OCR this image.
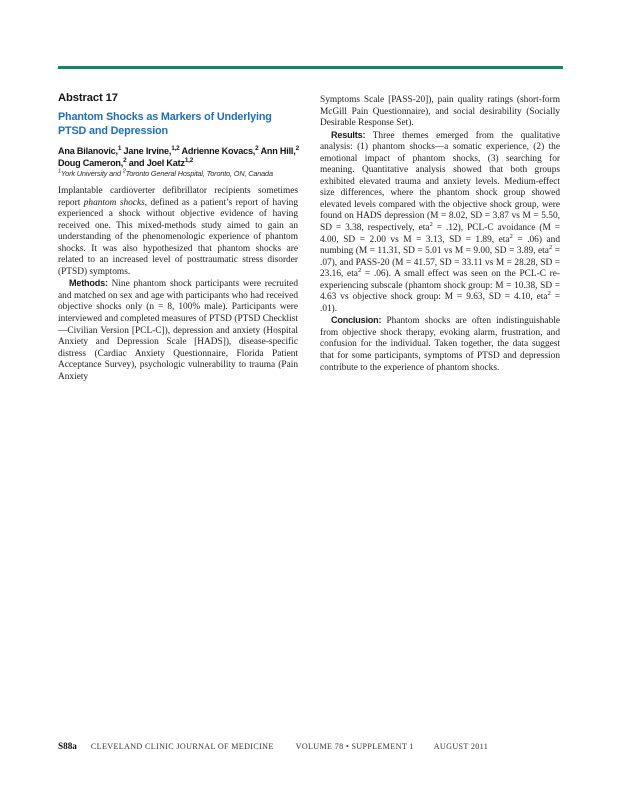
Abstract 17
Phantom Shocks as Markers of Underlying
PTSD and Depression
Ana Bilanovic,$^1$ Jane Irvine,$^{1,2}$ Adrienne Kovacs,$^2$ Ann Hill,$^2$
Doug Cameron,$^2$ and Joel Katz$^{1,2}$
$^1$York University and $^2$Toronto General Hospital, Toronto, ON, Canada

Implantable cardioverter defibrillator recipients sometimes report phantom shocks, defined as a patient’s report of having experienced a shock without objective evidence of having received one. This mixed-methods study aimed to gain an understanding of the phenomenologic experience of phantom shocks. It was also hypothesized that phantom shocks are related to an increased level of posttraumatic stress disorder (PTSD) symptoms.

Methods: Nine phantom shock participants were recruited and matched on sex and age with participants who had received objective shocks only (n = 8, 100% male). Participants were interviewed and completed measures of PTSD (PTSD Checklist—Civilian Version [PCL-C]), depression and anxiety (Hospital Anxiety and Depression Scale [HADS]), disease-specific distress (Cardiac Anxiety Questionnaire, Florida Patient Acceptance Survey), psychologic vulnerability to trauma (Pain Anxiety

Symptoms Scale [PASS-20]), pain quality ratings (short-form McGill Pain Questionnaire), and social desirability (Socially Desirable Response Set).

Results: Three themes emerged from the qualitative analysis: (1) phantom shocks—a somatic experience, (2) the emotional impact of phantom shocks, (3) searching for meaning. Quantitative analysis showed that both groups exhibited elevated trauma and anxiety levels. Medium-effect size differences, where the phantom shock group showed elevated levels compared with the objective shock group, were found on HADS depression (M = 8.02, SD = 3.87 vs M = 5.50, SD = 3.38, respectively, eta$^2$ = .12), PCL-C avoidance (M = 4.00, SD = 2.00 vs M = 3.13, SD = 1.89, eta$^2$ = .06) and numbing (M = 11.31, SD = 5.01 vs M = 9.00, SD = 3.89, eta$^2$ = .07), and PASS-20 (M = 41.57, SD = 33.11 vs M = 28.28, SD = 23.16, eta$^2$ = .06). A small effect was seen on the PCL-C re-experiencing subscale (phantom shock group: M = 10.38, SD = 4.63 vs objective shock group: M = 9.63, SD = 4.10, eta$^2$ = .01).

Conclusion: Phantom shocks are often indistinguishable from objective shock therapy, evoking alarm, frustration, and confusion for the individual. Taken together, the data suggest that for some participants, symptoms of PTSD and depression contribute to the experience of phantom shocks.

S88a CLEVELAND CLINIC JOURNAL OF MEDICINE	VOLUME 78 • SUPPLEMENT 1 AUGUST 2011
